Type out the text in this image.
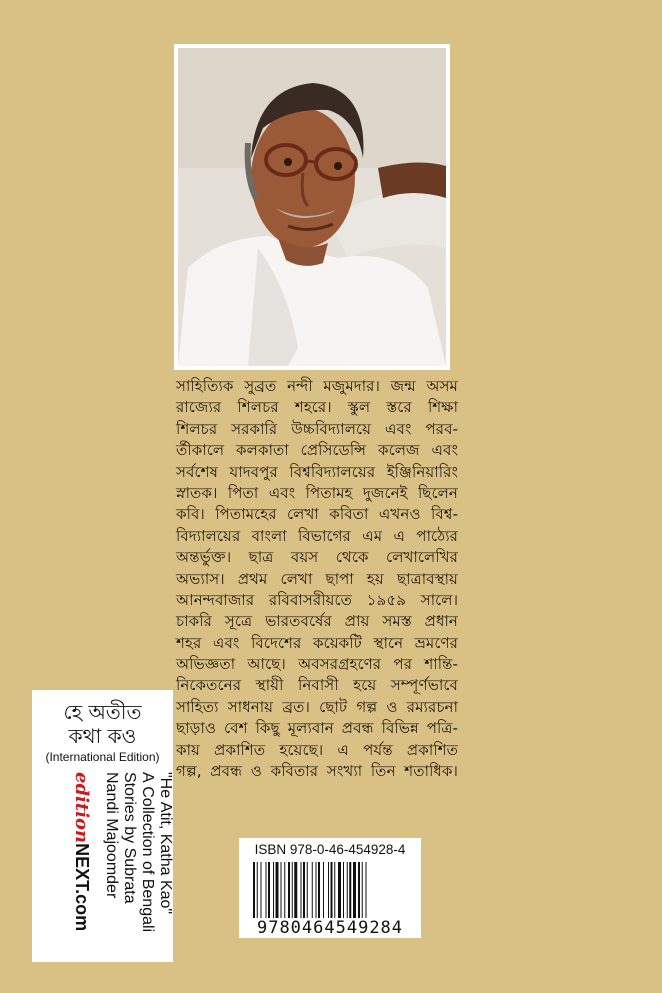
সাহিত্যিক সুব্রত নন্দী মজুমদার। জন্ম অসম
রাজ্যের শিলচর শহরে। স্কুল স্তরে শিক্ষা
শিলচর সরকারি উচ্চবিদ্যালয়ে এবং পরব-
র্তীকালে কলকাতা প্রেসিডেন্সি কলেজ এবং
সর্বশেষ যাদবপুর বিশ্ববিদ্যালয়ের ইঞ্জিনিয়ারিং
স্নাতক। পিতা এবং পিতামহ দুজনেই ছিলেন
কবি। পিতামহের লেখা কবিতা এখনও বিশ্ব-
বিদ্যালয়ের বাংলা বিভাগের এম এ পাঠ্যের
অন্তর্ভুক্ত। ছাত্র বয়স থেকে লেখালেখির
অভ্যাস। প্রথম লেখা ছাপা হয় ছাত্রাবস্থায়
আনন্দবাজার রবিবাসরীয়তে ১৯৫৯ সালে।
চাকরি সূত্রে ভারতবর্ষের প্রায় সমস্ত প্রধান
শহর এবং বিদেশের কয়েকটি স্থানে ভ্রমণের
অভিজ্ঞতা আছে। অবসরগ্রহণের পর শান্তি-
নিকেতনের স্থায়ী নিবাসী হয়ে সম্পূর্ণভাবে
সাহিত্য সাধনায় ব্রত। ছোট গল্প ও রম্যরচনা
ছাড়াও বেশ কিছু মূল্যবান প্রবন্ধ বিভিন্ন পত্রি-
কায় প্রকাশিত হয়েছে। এ পর্যন্ত প্রকাশিত
গল্প, প্রবন্ধ ও কবিতার সংখ্যা তিন শতাধিক।
হে অতীত
কথা কও
(International Edition)
"He Atit, Katha Kao"
A Collection of Bengali
Stories by Subrata
Nandi Majoomder
editionNEXT.com
ISBN 978-0-46-454928-4
9780464549284
